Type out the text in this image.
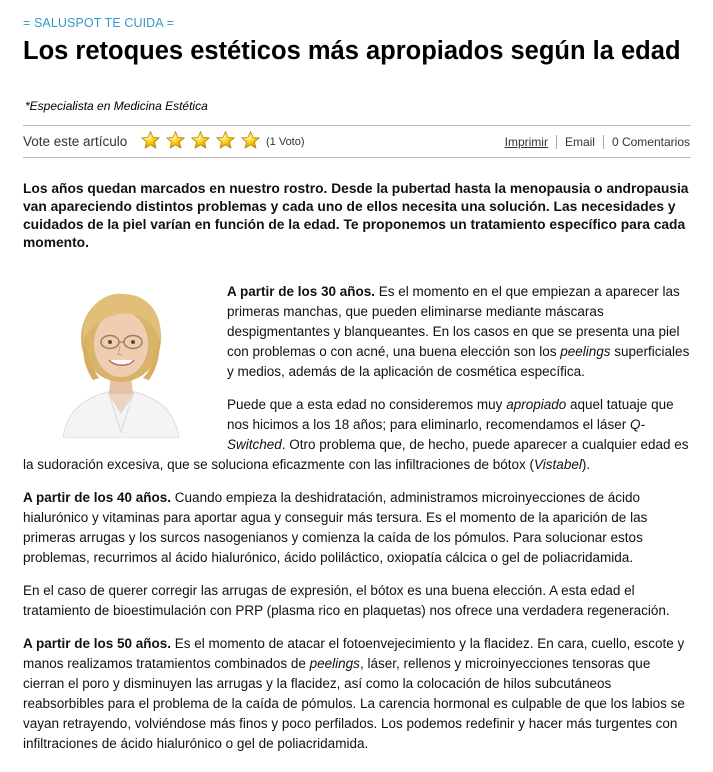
= SALUSPOT TE CUIDA =
Los retoques estéticos más apropiados según la edad
*Especialista en Medicina Estética
Vote este artículo	(1 Voto)	Imprimir Email 0 Comentarios

Los años quedan marcados en nuestro rostro. Desde la pubertad hasta la menopausia o andropausia van apareciendo distintos problemas y cada uno de ellos necesita una solución. Las necesidades y cuidados de la piel varían en función de la edad. Te proponemos un tratamiento específico para cada momento.

A partir de los 30 años. Es el momento en el que empiezan a aparecer las primeras manchas, que pueden eliminarse mediante máscaras despigmentantes y blanqueantes. En los casos en que se presenta una piel con problemas o con acné, una buena elección son los peelings superficiales y medios, además de la aplicación de cosmética específica.

Puede que a esta edad no consideremos muy apropiado aquel tatuaje que nos hicimos a los 18 años; para eliminarlo, recomendamos el láser Q-Switched. Otro problema que, de hecho, puede aparecer a cualquier edad es la sudoración excesiva, que se soluciona eficazmente con las infiltraciones de bótox (Vistabel).

A partir de los 40 años. Cuando empieza la deshidratación, administramos microinyecciones de ácido hialurónico y vitaminas para aportar agua y conseguir más tersura. Es el momento de la aparición de las primeras arrugas y los surcos nasogenianos y comienza la caída de los pómulos. Para solucionar estos problemas, recurrimos al ácido hialurónico, ácido poliláctico, oxiopatía cálcica o gel de poliacridamida.

En el caso de querer corregir las arrugas de expresión, el bótox es una buena elección. A esta edad el tratamiento de bioestimulación con PRP (plasma rico en plaquetas) nos ofrece una verdadera regeneración.

A partir de los 50 años. Es el momento de atacar el fotoenvejecimiento y la flacidez. En cara, cuello, escote y manos realizamos tratamientos combinados de peelings, láser, rellenos y microinyecciones tensoras que cierran el poro y disminuyen las arrugas y la flacidez, así como la colocación de hilos subcutáneos reabsorbibles para el problema de la caída de pómulos. La carencia hormonal es culpable de que los labios se vayan retrayendo, volviéndose más finos y poco perfilados. Los podemos redefinir y hacer más turgentes con infiltraciones de ácido hialurónico o gel de poliacridamida.
